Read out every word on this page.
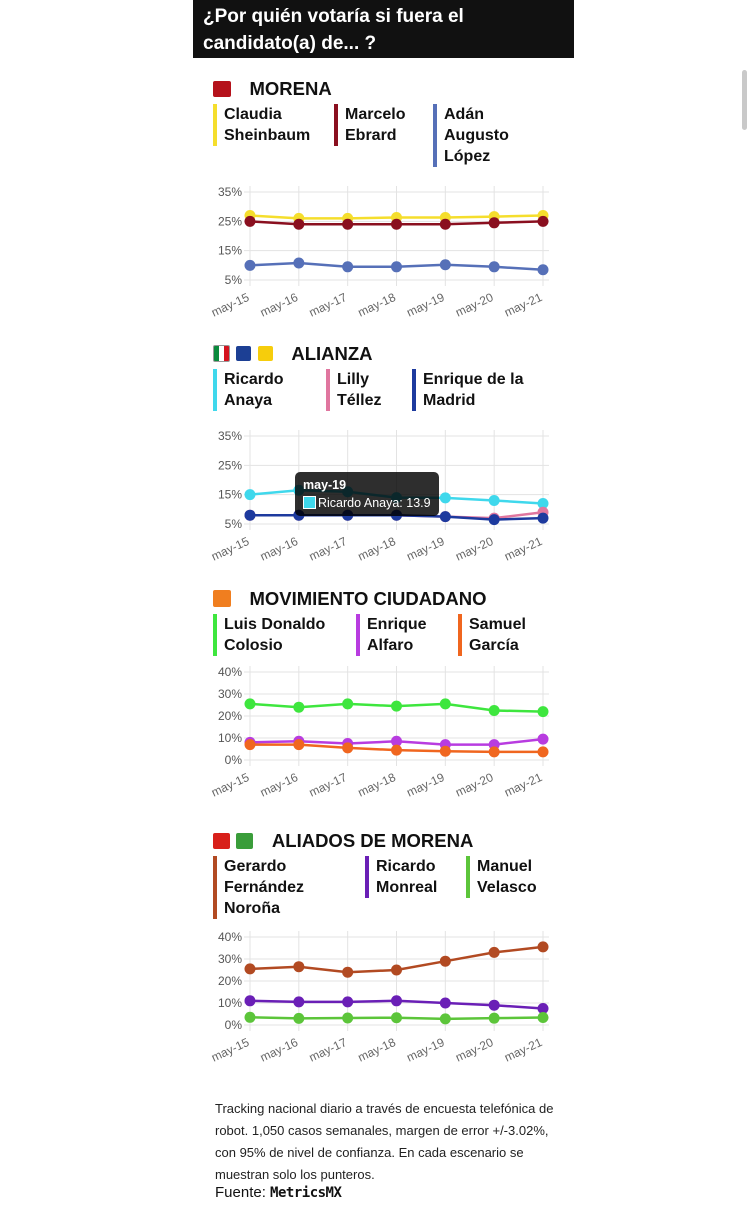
¿Por quién votaría si fuera el
candidato(a) de... ?
MORENA
Claudia Sheinbaum
Marcelo Ebrard
Adán Augusto López
35%
25%
15%
5%
may-15 may-16 may-17 may-18 may-19 may-20 may-21
ALIANZA
Ricardo Anaya
Lilly Téllez
Enrique de la Madrid
35%
25%
15%
5%
may-15 may-16 may-17 may-18 may-19 may-20 may-21
may-19
Ricardo Anaya: 13.9
MOVIMIENTO CIUDADANO
Luis Donaldo Colosio
Enrique Alfaro
Samuel García
40%
30%
20%
10%
0%
may-15 may-16 may-17 may-18 may-19 may-20 may-21
ALIADOS DE MORENA
Gerardo Fernández Noroña
Ricardo Monreal
Manuel Velasco
40%
30%
20%
10%
0%
may-15 may-16 may-17 may-18 may-19 may-20 may-21
Tracking nacional diario a través de encuesta telefónica de robot. 1,050 casos semanales, margen de error +/-3.02%, con 95% de nivel de confianza. En cada escenario se muestran solo los punteros.
Fuente: MetricsMX
